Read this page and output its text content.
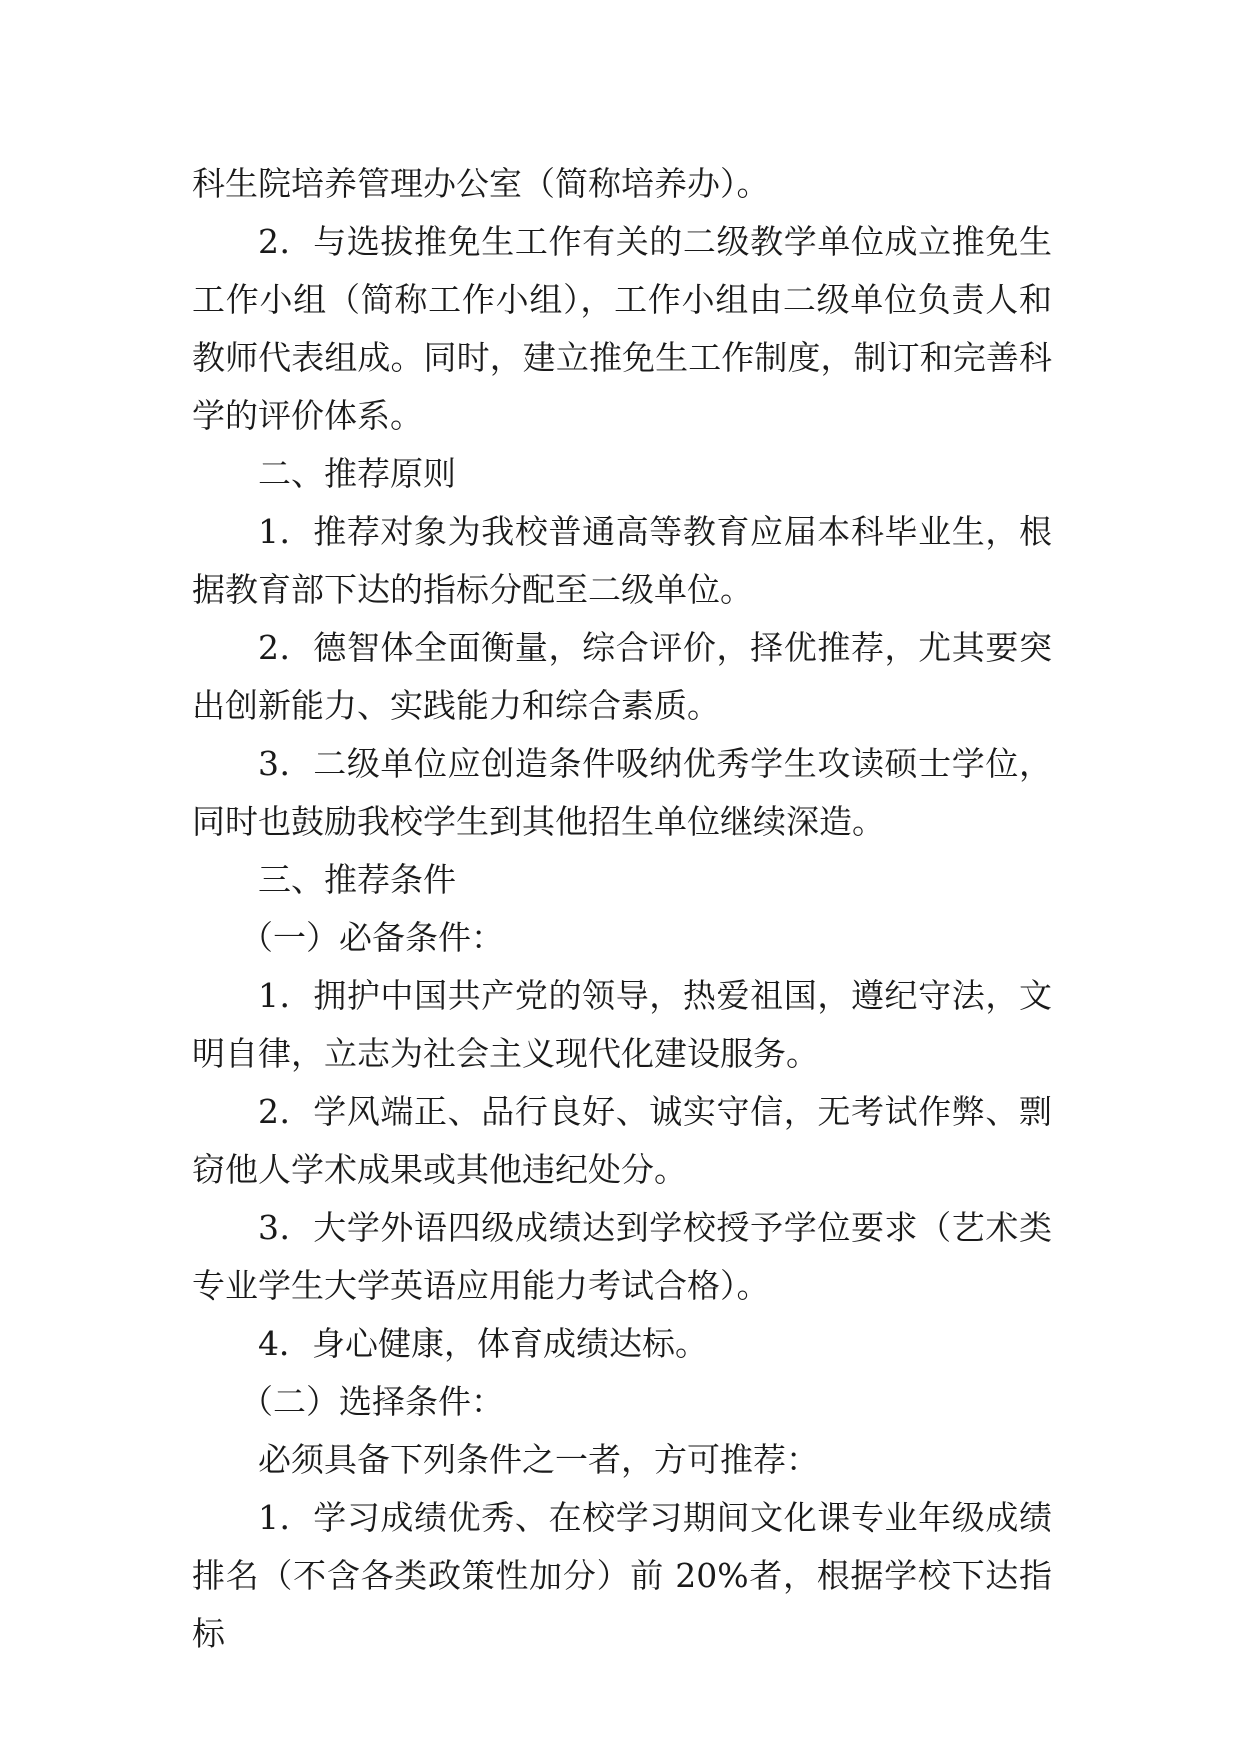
科生院培养管理办公室（简称培养办）。

2．与选拔推免生工作有关的二级教学单位成立推免生工作小组（简称工作小组），工作小组由二级单位负责人和教师代表组成。同时，建立推免生工作制度，制订和完善科学的评价体系。

二、推荐原则

1．推荐对象为我校普通高等教育应届本科毕业生，根据教育部下达的指标分配至二级单位。

2．德智体全面衡量，综合评价，择优推荐，尤其要突出创新能力、实践能力和综合素质。

3．二级单位应创造条件吸纳优秀学生攻读硕士学位，同时也鼓励我校学生到其他招生单位继续深造。

三、推荐条件

（一）必备条件：

1．拥护中国共产党的领导，热爱祖国，遵纪守法，文明自律，立志为社会主义现代化建设服务。

2．学风端正、品行良好、诚实守信，无考试作弊、剽窃他人学术成果或其他违纪处分。

3．大学外语四级成绩达到学校授予学位要求（艺术类专业学生大学英语应用能力考试合格）。

4．身心健康，体育成绩达标。

（二）选择条件：

必须具备下列条件之一者，方可推荐：

1．学习成绩优秀、在校学习期间文化课专业年级成绩排名（不含各类政策性加分）前 20%者，根据学校下达指标
